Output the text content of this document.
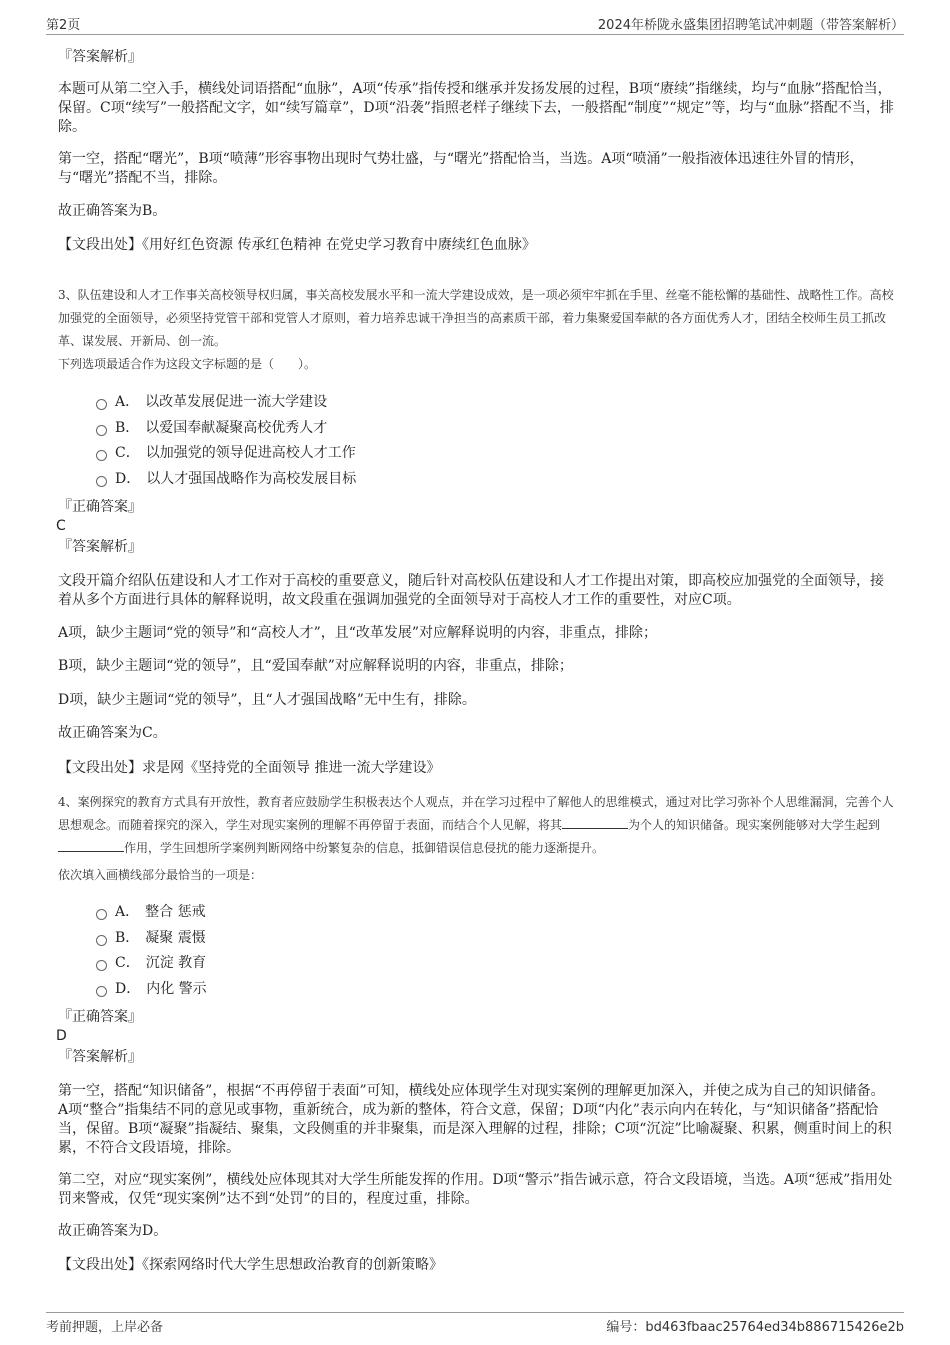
第2页	2024年桥陇永盛集团招聘笔试冲刺题（带答案解析）
『答案解析』
本题可从第二空入手，横线处词语搭配“血脉”，A项“传承”指传授和继承并发扬发展的过程，B项“赓续”指继续，均与“血脉”搭配恰当，保留。C项“续写”一般搭配文字，如“续写篇章”，D项“沿袭”指照老样子继续下去，一般搭配“制度”“规定”等，均与“血脉”搭配不当，排除。
第一空，搭配“曙光”，B项“喷薄”形容事物出现时气势壮盛，与“曙光”搭配恰当，当选。A项“喷涌”一般指液体迅速往外冒的情形，与“曙光”搭配不当，排除。
故正确答案为B。
【文段出处】《用好红色资源 传承红色精神 在党史学习教育中赓续红色血脉》
3、队伍建设和人才工作事关高校领导权归属，事关高校发展水平和一流大学建设成效，是一项必须牢牢抓在手里、丝毫不能松懈的基础性、战略性工作。高校加强党的全面领导，必须坚持党管干部和党管人才原则，着力培养忠诚干净担当的高素质干部，着力集聚爱国奉献的各方面优秀人才，团结全校师生员工抓改革、谋发展、开新局、创一流。
下列选项最适合作为这段文字标题的是（　　）。
A． 以改革发展促进一流大学建设
B． 以爱国奉献凝聚高校优秀人才
C． 以加强党的领导促进高校人才工作
D． 以人才强国战略作为高校发展目标
『正确答案』
C
『答案解析』
文段开篇介绍队伍建设和人才工作对于高校的重要意义，随后针对高校队伍建设和人才工作提出对策，即高校应加强党的全面领导，接着从多个方面进行具体的解释说明，故文段重在强调加强党的全面领导对于高校人才工作的重要性，对应C项。
A项，缺少主题词“党的领导”和“高校人才”，且“改革发展”对应解释说明的内容，非重点，排除；
B项，缺少主题词“党的领导”，且“爱国奉献”对应解释说明的内容，非重点，排除；
D项，缺少主题词“党的领导”，且“人才强国战略”无中生有，排除。
故正确答案为C。
【文段出处】求是网《坚持党的全面领导 推进一流大学建设》
4、案例探究的教育方式具有开放性，教育者应鼓励学生积极表达个人观点，并在学习过程中了解他人的思维模式，通过对比学习弥补个人思维漏洞，完善个人思想观念。而随着探究的深入，学生对现实案例的理解不再停留于表面，而结合个人见解，将其	为个人的知识储备。现实案例能够对大学生起到作用，学生回想所学案例判断网络中纷繁复杂的信息，抵御错误信息侵扰的能力逐渐提升。
依次填入画横线部分最恰当的一项是：
A． 整合 惩戒
B． 凝聚 震慑
C． 沉淀 教育
D． 内化 警示
『正确答案』
D
『答案解析』
第一空，搭配“知识储备”，根据“不再停留于表面”可知，横线处应体现学生对现实案例的理解更加深入，并使之成为自己的知识储备。A项“整合”指集结不同的意见或事物，重新统合，成为新的整体，符合文意，保留；D项“内化”表示向内在转化，与“知识储备”搭配恰当，保留。B项“凝聚”指凝结、聚集，文段侧重的并非聚集，而是深入理解的过程，排除；C项“沉淀”比喻凝聚、积累，侧重时间上的积累，不符合文段语境，排除。
第二空，对应“现实案例”，横线处应体现其对大学生所能发挥的作用。D项“警示”指告诫示意，符合文段语境，当选。A项“惩戒”指用处罚来警戒，仅凭“现实案例”达不到“处罚”的目的，程度过重，排除。
故正确答案为D。
【文段出处】《探索网络时代大学生思想政治教育的创新策略》
考前押题，上岸必备	编号：bd463fbaac25764ed34b886715426e2b
